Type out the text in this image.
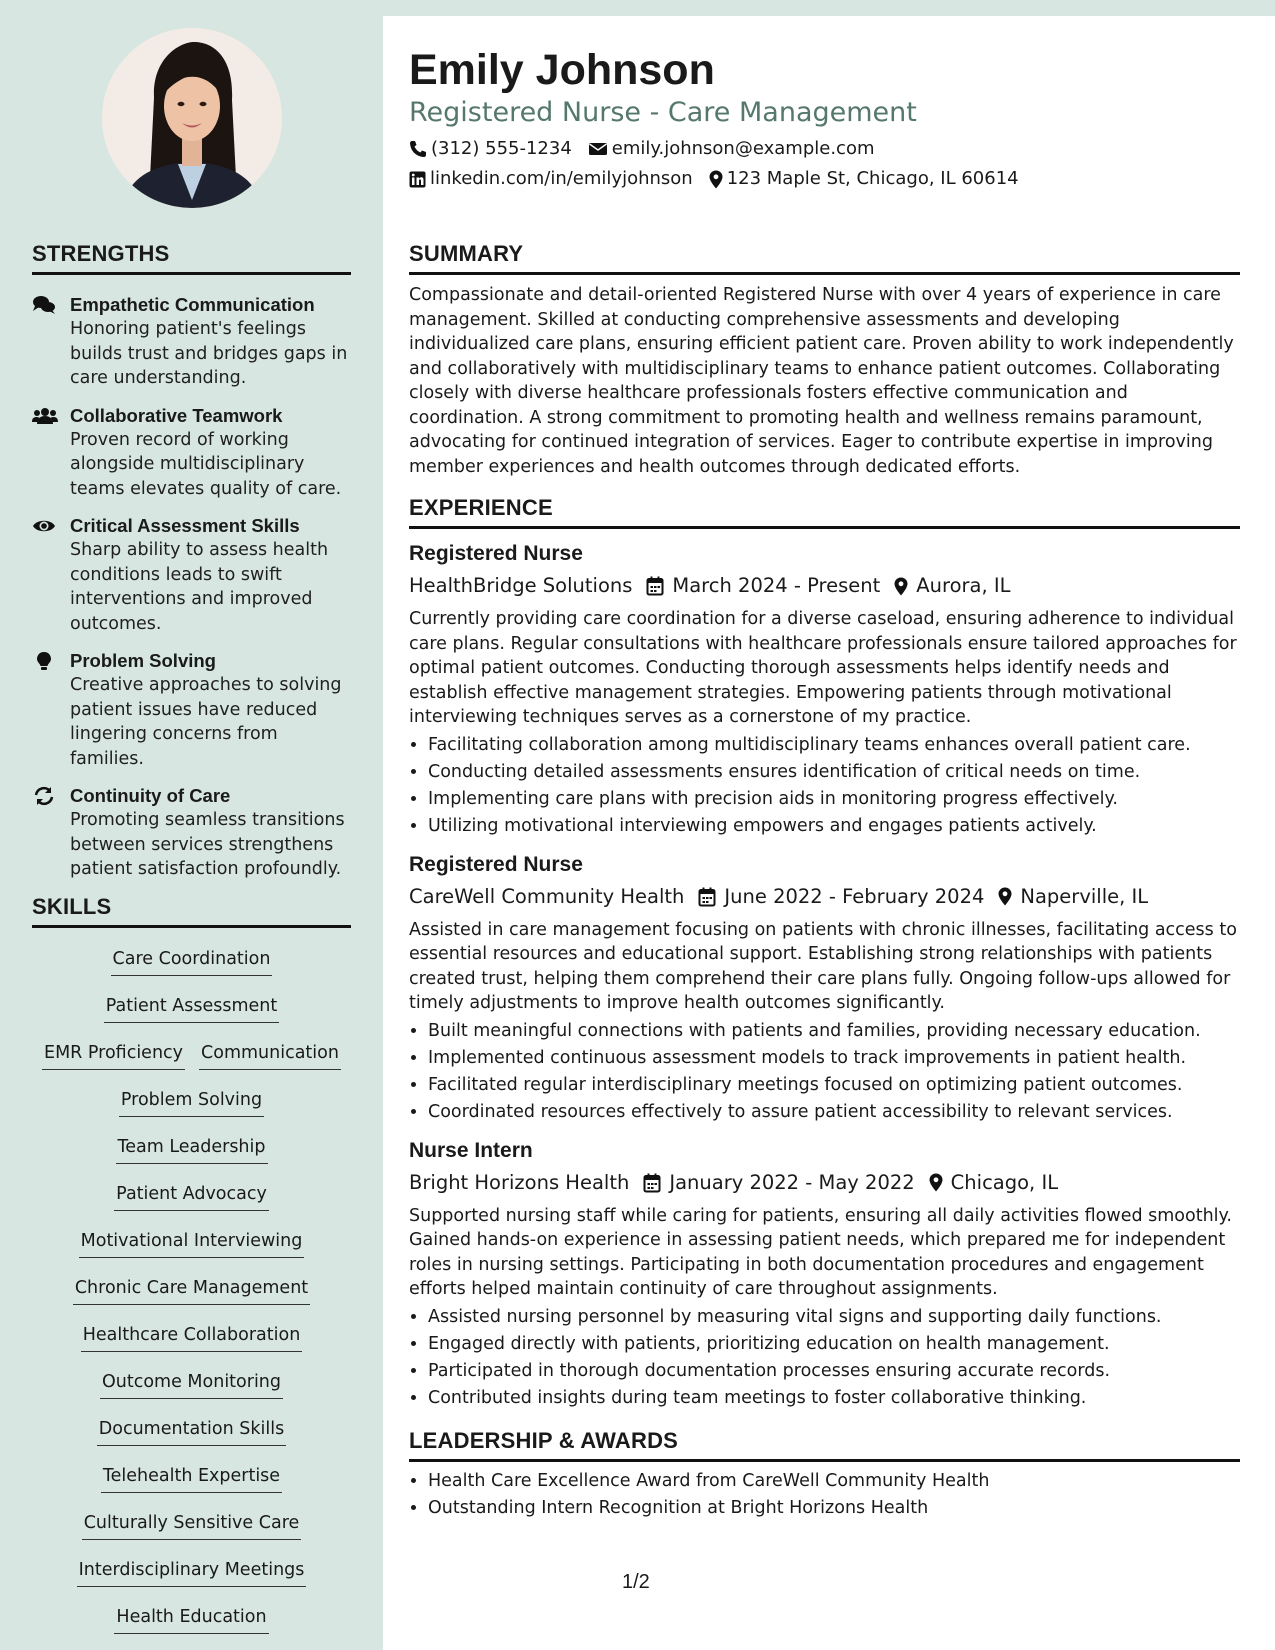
STRENGTHS
Empathetic Communication
Honoring patient's feelings builds trust and bridges gaps in care understanding.
Collaborative Teamwork
Proven record of working alongside multidisciplinary teams elevates quality of care.
Critical Assessment Skills
Sharp ability to assess health conditions leads to swift interventions and improved outcomes.
Problem Solving
Creative approaches to solving patient issues have reduced lingering concerns from families.
Continuity of Care
Promoting seamless transitions between services strengthens patient satisfaction profoundly.
SKILLS
Care Coordination
Patient Assessment
EMR Proficiency Communication
Problem SolvingTeam Leadership
Patient Advocacy
Motivational Interviewing
Chronic Care Management
Healthcare Collaboration
Outcome Monitoring
Documentation Skills
Telehealth Expertise
Culturally Sensitive Care
Interdisciplinary Meetings
Health Education
Emily Johnson
Registered Nurse - Care Management
(312) 555-1234 emily.johnson@example.com
linkedin.com/in/emilyjohnson 123 Maple St, Chicago, IL 60614
SUMMARY
Compassionate and detail-oriented Registered Nurse with over 4 years of experience in care management. Skilled at conducting comprehensive assessments and developing individualized care plans, ensuring efficient patient care. Proven ability to work independently and collaboratively with multidisciplinary teams to enhance patient outcomes. Collaborating closely with diverse healthcare professionals fosters effective communication and coordination. A strong commitment to promoting health and wellness remains paramount, advocating for continued integration of services. Eager to contribute expertise in improving member experiences and health outcomes through dedicated efforts.
EXPERIENCE
Registered Nurse
HealthBridge Solutions March 2024 - Present Aurora, IL
Currently providing care coordination for a diverse caseload, ensuring adherence to individual care plans. Regular consultations with healthcare professionals ensure tailored approaches for optimal patient outcomes. Conducting thorough assessments helps identify needs and establish effective management strategies. Empowering patients through motivational interviewing techniques serves as a cornerstone of my practice.
• Facilitating collaboration among multidisciplinary teams enhances overall patient care.
• Conducting detailed assessments ensures identification of critical needs on time.
• Implementing care plans with precision aids in monitoring progress effectively.
• Utilizing motivational interviewing empowers and engages patients actively.
Registered Nurse
CareWell Community Health June 2022 - February 2024 Naperville, IL
Assisted in care management focusing on patients with chronic illnesses, facilitating access to essential resources and educational support. Establishing strong relationships with patients created trust, helping them comprehend their care plans fully. Ongoing follow-ups allowed for timely adjustments to improve health outcomes significantly.
• Built meaningful connections with patients and families, providing necessary education.
• Implemented continuous assessment models to track improvements in patient health.
• Facilitated regular interdisciplinary meetings focused on optimizing patient outcomes.
• Coordinated resources effectively to assure patient accessibility to relevant services.
Nurse Intern
Bright Horizons Health January 2022 - May 2022 Chicago, IL
Supported nursing staff while caring for patients, ensuring all daily activities flowed smoothly. Gained hands-on experience in assessing patient needs, which prepared me for independent roles in nursing settings. Participating in both documentation procedures and engagement efforts helped maintain continuity of care throughout assignments.
• Assisted nursing personnel by measuring vital signs and supporting daily functions.
• Engaged directly with patients, prioritizing education on health management.
• Participated in thorough documentation processes ensuring accurate records.
• Contributed insights during team meetings to foster collaborative thinking.
LEADERSHIP & AWARDS
• Health Care Excellence Award from CareWell Community Health
• Outstanding Intern Recognition at Bright Horizons Health
1/2
